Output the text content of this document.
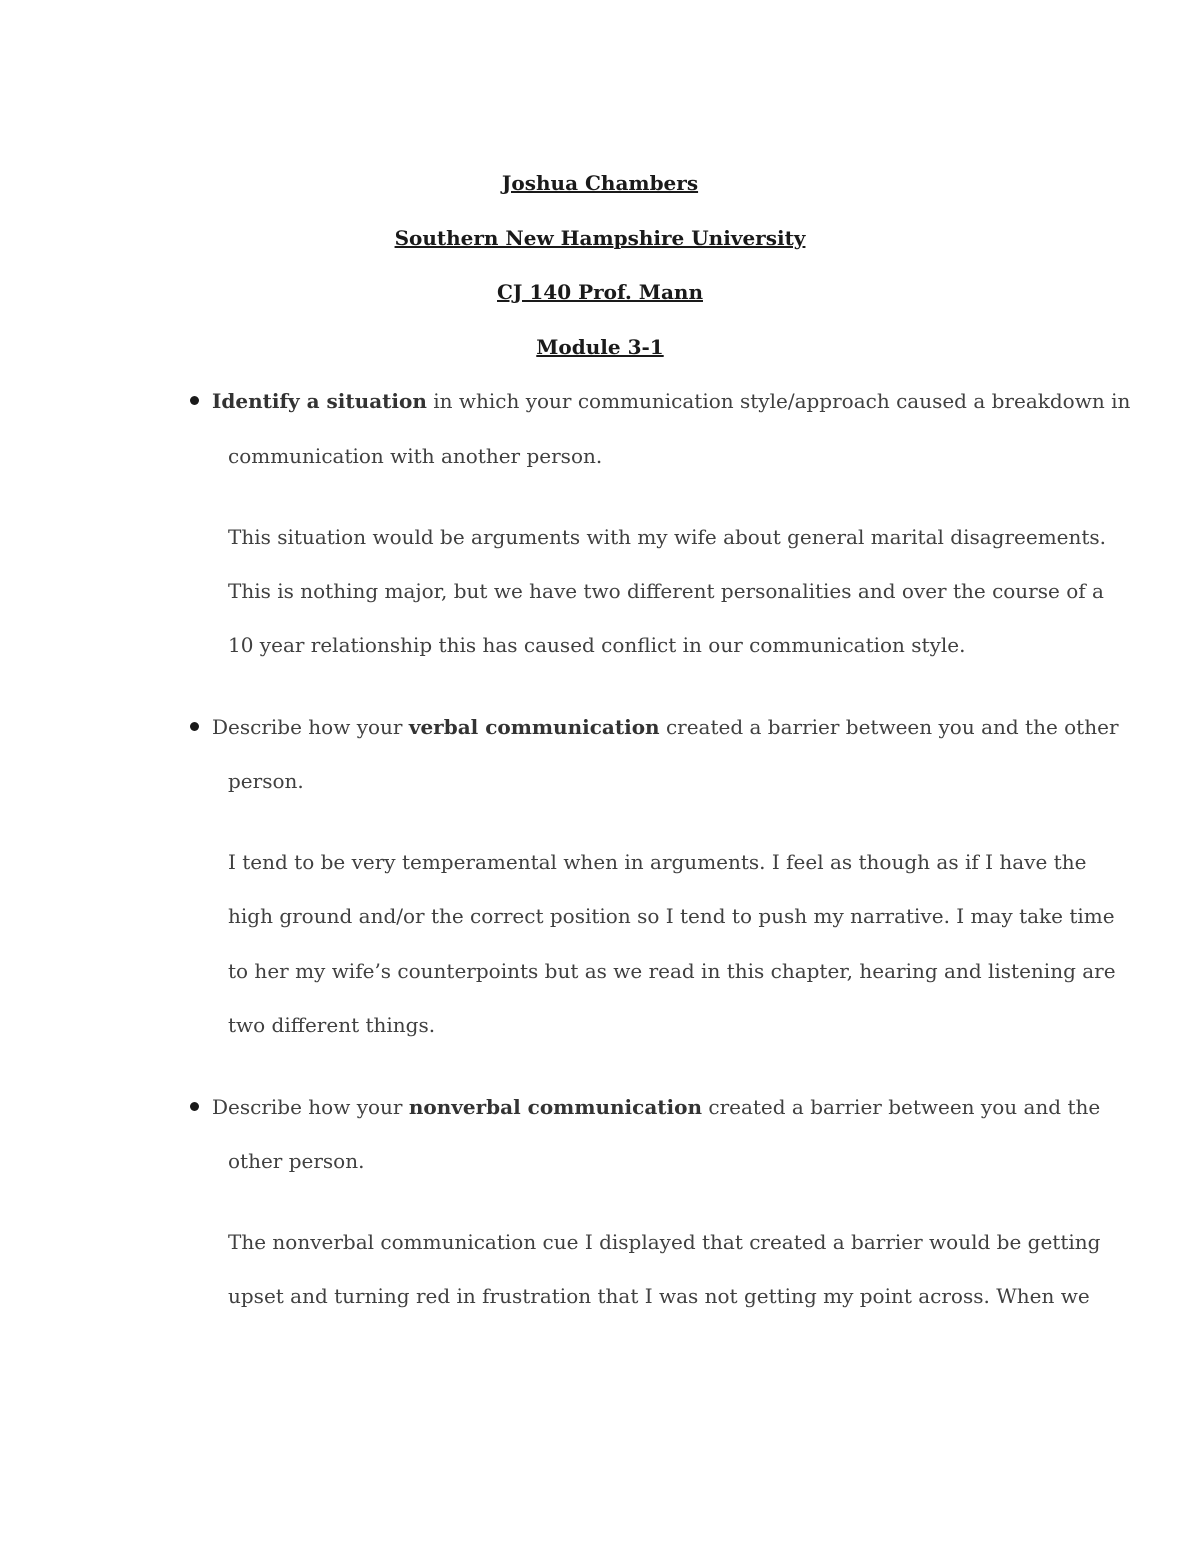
Joshua Chambers
Southern New Hampshire University
CJ 140 Prof. Mann
Module 3-1
Identify a situation in which your communication style/approach caused a breakdown in
communication with another person.
This situation would be arguments with my wife about general marital disagreements.
This is nothing major, but we have two different personalities and over the course of a
10 year relationship this has caused conflict in our communication style.
Describe how your verbal communication created a barrier between you and the other
person.
I tend to be very temperamental when in arguments. I feel as though as if I have the
high ground and/or the correct position so I tend to push my narrative. I may take time
to her my wife’s counterpoints but as we read in this chapter, hearing and listening are
two different things.
Describe how your nonverbal communication created a barrier between you and the
other person.
The nonverbal communication cue I displayed that created a barrier would be getting
upset and turning red in frustration that I was not getting my point across. When we
